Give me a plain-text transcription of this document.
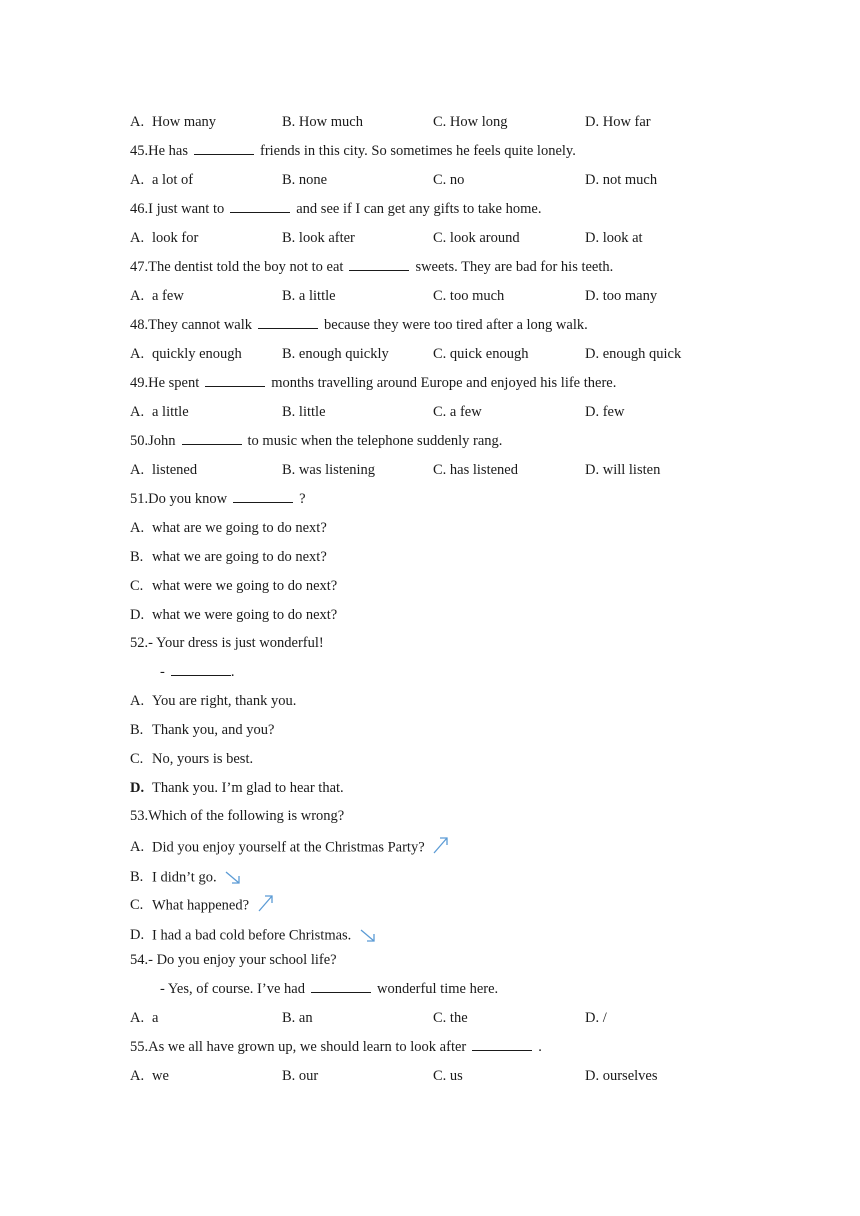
A. How many	B. How much	C. How long	D. How far
45.He has	friends in this city. So sometimes he feels quite lonely.
A. a lot of	B. none	C. no	D. not much
46.I just want to	and see if I can get any gifts to take home.
A. look for	B. look after	C. look around	D. look at
47.The dentist told the boy not to eat	sweets. They are bad for his teeth.
A. a few	B. a little	C. too much	D. too many
48.They cannot walk	because they were too tired after a long walk.
A. quickly enough	B. enough quickly	C. quick enough	D. enough quick
49.He spent	months travelling around Europe and enjoyed his life there.
A. a little	B. little	C. a few	D. few
50.John	to music when the telephone suddenly rang.
A. listened	B. was listening	C. has listened	D. will listen
51.Do you know	?
A. what are we going to do next?
B. what we are going to do next?
C. what were we going to do next?
D. what we were going to do next?
52.- Your dress is just wonderful!
-	.
A. You are right, thank you.
B. Thank you, and you?
C. No, yours is best.
D. Thank you. I’m glad to hear that.
53.Which of the following is wrong?
A. Did you enjoy yourself at the Christmas Party?
B. I didn’t go.
C. What happened?
D. I had a bad cold before Christmas.
54.- Do you enjoy your school life?
- Yes, of course. I’ve had	wonderful time here.
A. a	B. an	C. the	D. /
55.As we all have grown up, we should learn to look after	.
A. we	B. our	C. us	D. ourselves
